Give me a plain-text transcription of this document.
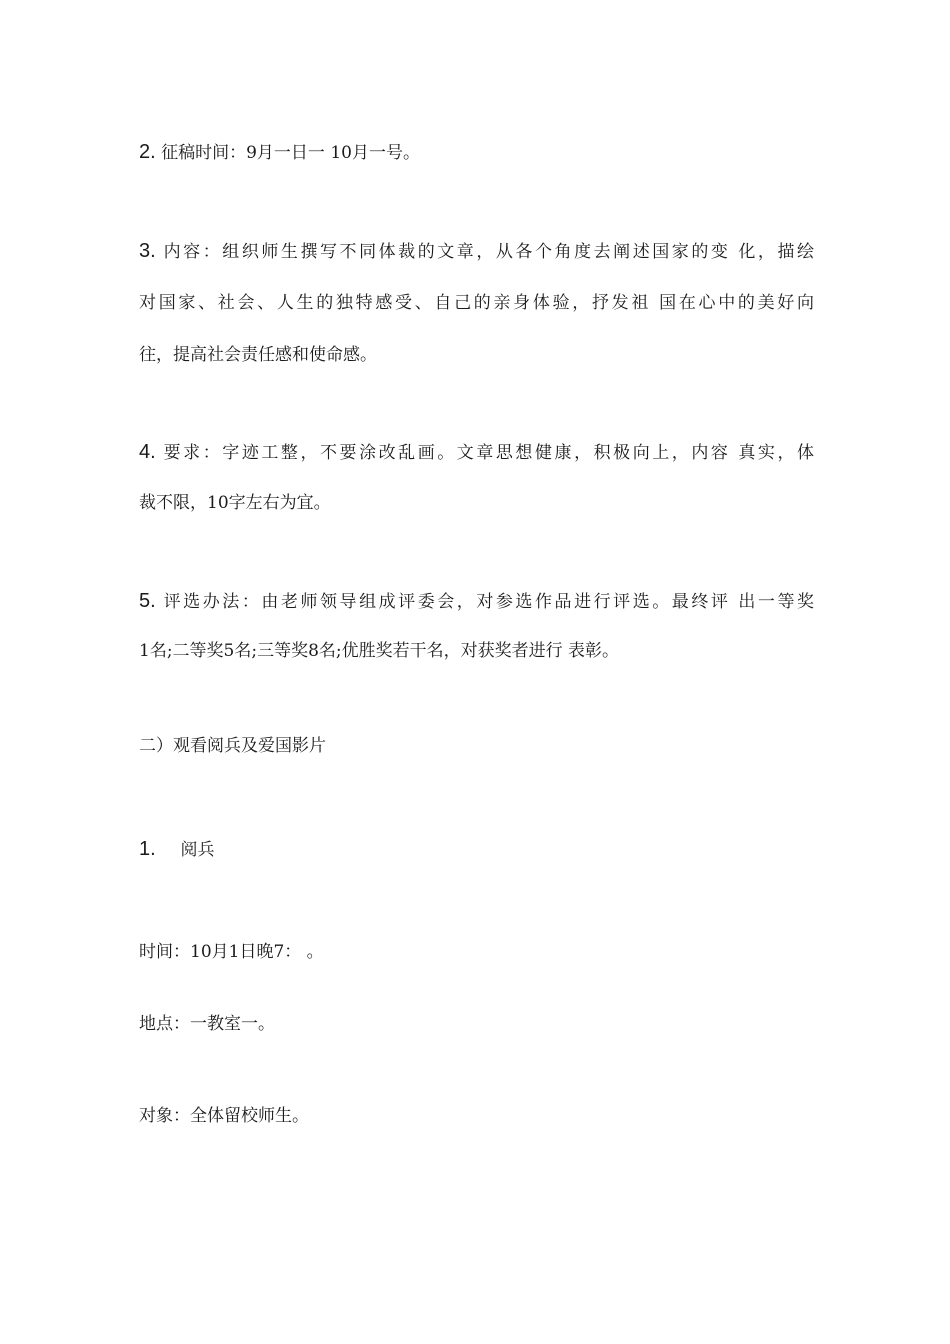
2. 征稿时间：9月一日一 10月一号。
3. 内容：组织师生撰写不同体裁的文章，从各个角度去阐述国家的变 化，描绘
对国家、社会、人生的独特感受、自己的亲身体验，抒发祖 国在心中的美好向
往，提高社会责任感和使命感。
4. 要求：字迹工整，不要涂改乱画。文章思想健康，积极向上，内容 真实，体
裁不限，10字左右为宜。
5. 评选办法：由老师领导组成评委会，对参选作品进行评选。最终评 出一等奖
1名;二等奖5名;三等奖8名;优胜奖若干名，对获奖者进行 表彰。
二）观看阅兵及爱国影片
1. 阅兵
时间：10月1日晚7： 。
地点：一教室一。
对象：全体留校师生。
